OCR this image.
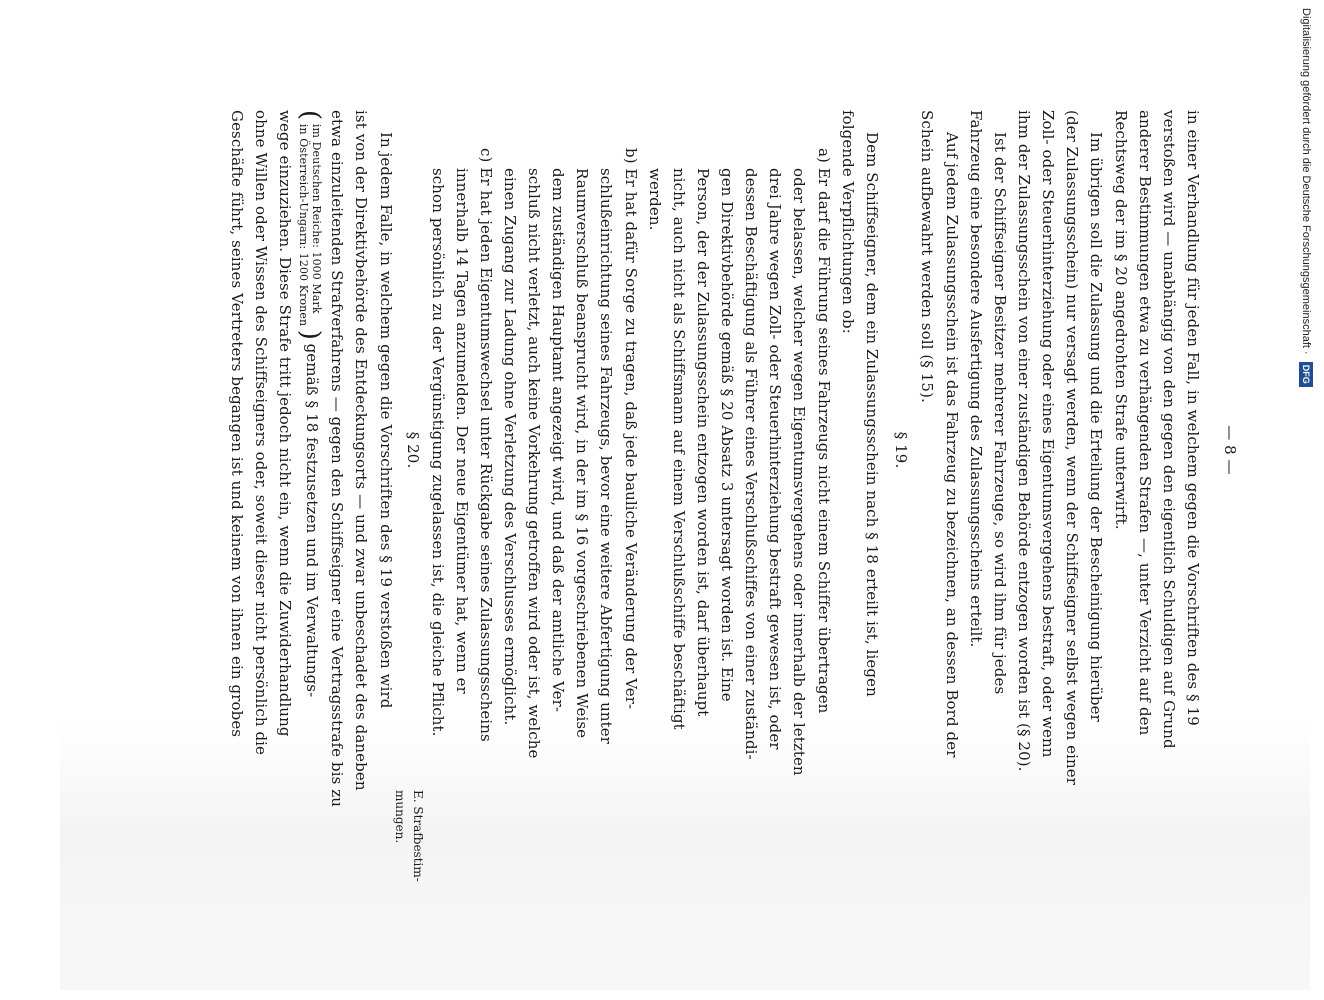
— 8 —
in einer Verhandlung für jeden Fall, in welchem gegen die Vorschriften des § 19
verstoßen wird — unabhängig von den gegen den eigentlich Schuldigen auf Grund
anderer Bestimmungen etwa zu verhängenden Strafen —, unter Verzicht auf den
Rechtsweg der im § 20 angedrohten Strafe unterwirft.
Im übrigen soll die Zulassung und die Erteilung der Bescheinigung hierüber
(der Zulassungsschein) nur versagt werden, wenn der Schiffseigner selbst wegen einer
Zoll- oder Steuerhinterziehung oder eines Eigentumsvergehens bestraft, oder wenn
ihm der Zulassungsschein von einer zuständigen Behörde entzogen worden ist (§ 20).
Ist der Schiffseigner Besitzer mehrerer Fahrzeuge, so wird ihm für jedes
Fahrzeug eine besondere Ausfertigung des Zulassungsscheins erteilt.
Auf jedem Zulassungsschein ist das Fahrzeug zu bezeichnen, an dessen Bord der
Schein aufbewahrt werden soll (§ 15).
§ 19.
Dem Schiffseigner, dem ein Zulassungsschein nach § 18 erteilt ist, liegen
folgende Verpflichtungen ob:
a) Er darf die Führung seines Fahrzeugs nicht einem Schiffer übertragen
oder belassen, welcher wegen Eigentumsvergehens oder innerhalb der letzten
drei Jahre wegen Zoll- oder Steuerhinterziehung bestraft gewesen ist, oder
dessen Beschäftigung als Führer eines Verschlußschiffes von einer zuständi-
gen Direktivbehörde gemäß § 20 Absatz 3 untersagt worden ist. Eine
Person, der der Zulassungsschein entzogen worden ist, darf überhaupt
nicht, auch nicht als Schiffsmann auf einem Verschlußschiffe beschäftigt
werden.
b) Er hat dafür Sorge zu tragen, daß jede bauliche Veränderung der Ver-
schlußeinrichtung seines Fahrzeugs, bevor eine weitere Abfertigung unter
Raumverschluß beansprucht wird, in der im § 16 vorgeschriebenen Weise
dem zuständigen Hauptamt angezeigt wird, und daß der amtliche Ver-
schluß nicht verletzt, auch keine Vorkehrung getroffen wird oder ist, welche
einen Zugang zur Ladung ohne Verletzung des Verschlusses ermöglicht.
c) Er hat jeden Eigentumswechsel unter Rückgabe seines Zulassungsscheins
innerhalb 14 Tagen anzumelden. Der neue Eigentümer hat, wenn er
schon persönlich zu der Vergünstigung zugelassen ist, die gleiche Pflicht.
§ 20.
In jedem Falle, in welchem gegen die Vorschriften des § 19 verstoßen wird
ist von der Direktivbehörde des Entdeckungsorts — und zwar unbeschadet des daneben
etwa einzuleitenden Strafverfahrens — gegen den Schiffseigner eine Vertragsstrafe bis zu
( im Deutschen Reiche: 1000 Mark
in Österreich-Ungarn: 1200 Kronen ) gemäß § 18 festzusetzen und im Verwaltungs-
wege einzuziehen. Diese Strafe tritt jedoch nicht ein, wenn die Zuwiderhandlung
ohne Willen oder Wissen des Schiffseigners oder, soweit dieser nicht persönlich die
Geschäfte führt, seines Vertreters begangen ist und keinem von ihnen ein grobes	Digitalisierung gefördert durch die Deutsche Forschungsgemeinschaft · DFG
E. Strafbestim-
mungen.
